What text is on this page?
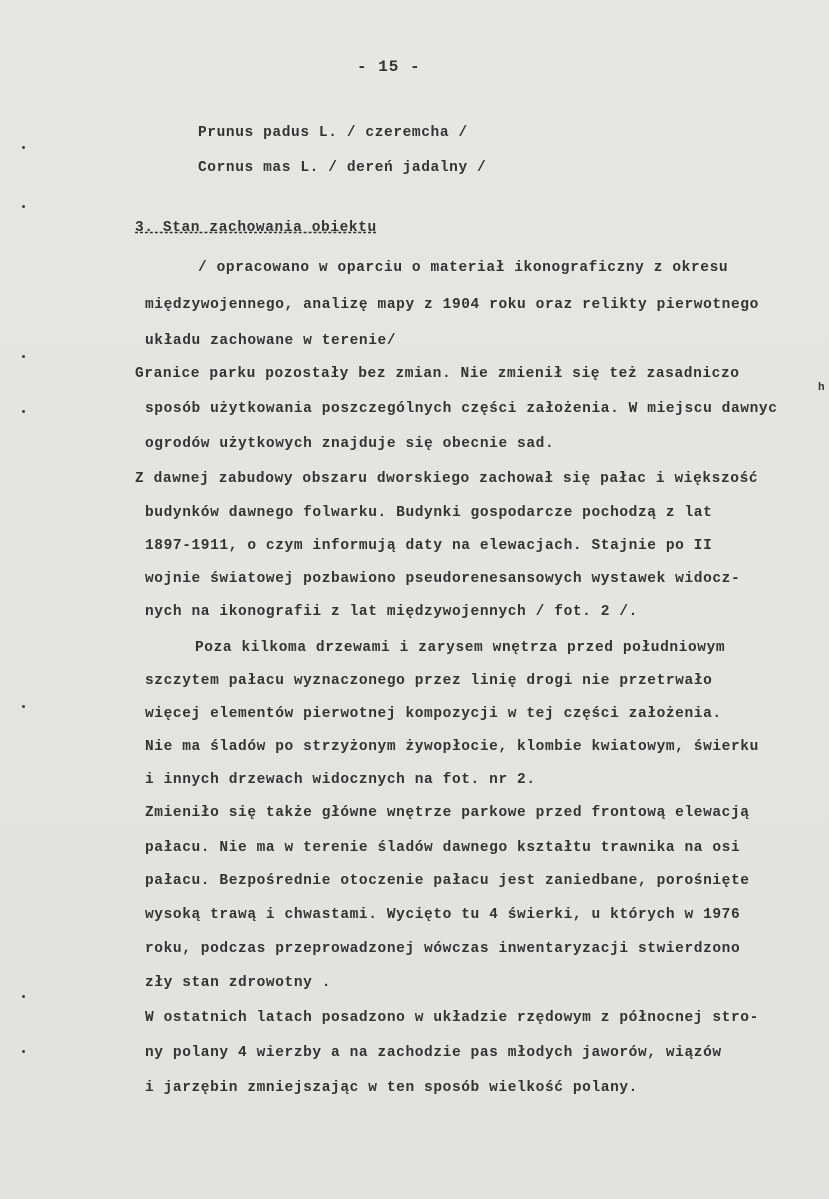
- 15 -
Prunus padus L. / czeremcha /
Cornus mas L. / dereń jadalny /
3. Stan zachowania obiektu
/ opracowano w oparciu o materiał ikonograficzny z okresu
międzywojennego, analizę mapy z 1904 roku oraz relikty pierwotnego
układu zachowane w terenie/
Granice parku pozostały bez zmian. Nie zmienił się też zasadniczo
sposób użytkowania poszczególnych części założenia. W miejscu dawnyc
ogrodów użytkowych znajduje się obecnie sad.
Z dawnej zabudowy obszaru dworskiego zachował się pałac i większość
budynków dawnego folwarku. Budynki gospodarcze pochodzą z lat
1897-1911, o czym informują daty na elewacjach. Stajnie po II
wojnie światowej pozbawiono pseudorenesansowych wystawek widocz-
nych na ikonografii z lat międzywojennych / fot. 2 /.
Poza kilkoma drzewami i zarysem wnętrza przed południowym
szczytem pałacu wyznaczonego przez linię drogi nie przetrwało
więcej elementów pierwotnej kompozycji w tej części założenia.
Nie ma śladów po strzyżonym żywopłocie, klombie kwiatowym, świerku
i innych drzewach widocznych na fot. nr 2.
Zmieniło się także główne wnętrze parkowe przed frontową elewacją
pałacu. Nie ma w terenie śladów dawnego kształtu trawnika na osi
pałacu. Bezpośrednie otoczenie pałacu jest zaniedbane, porośnięte
wysoką trawą i chwastami. Wycięto tu 4 świerki, u których w 1976
roku, podczas przeprowadzonej wówczas inwentaryzacji stwierdzono
zły stan zdrowotny .
W ostatnich latach posadzono w układzie rzędowym z północnej stro-
ny polany 4 wierzby a na zachodzie pas młodych jaworów, wiązów
i jarzębin zmniejszając w ten sposób wielkość polany.
h
